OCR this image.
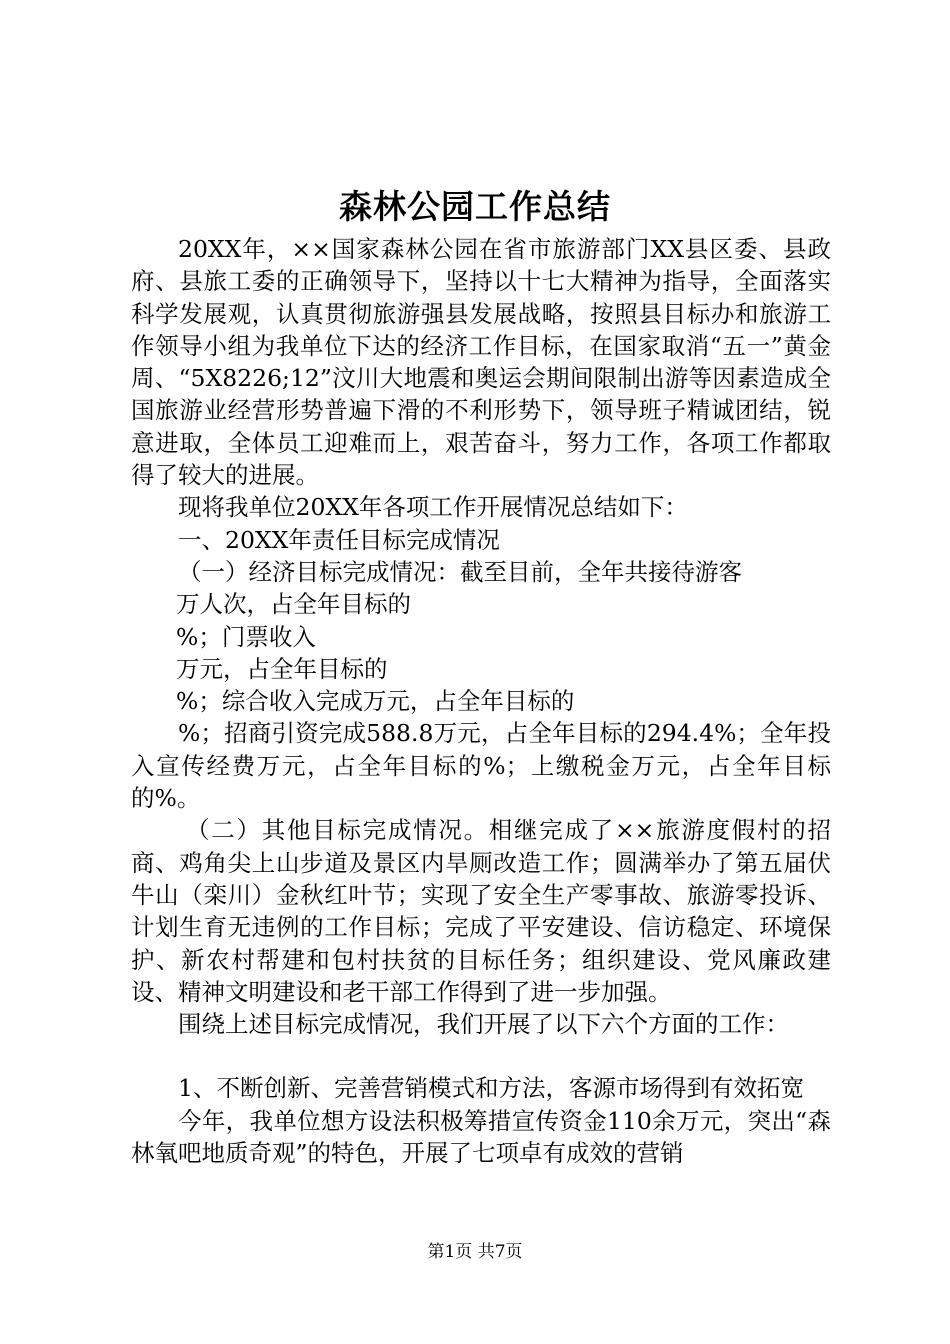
森林公园工作总结

20XX年，××国家森林公园在省市旅游部门XX县区委、县政府、县旅工委的正确领导下，坚持以十七大精神为指导，全面落实科学发展观，认真贯彻旅游强县发展战略，按照县目标办和旅游工作领导小组为我单位下达的经济工作目标，在国家取消“五一”黄金周、“5X8226;12”汶川大地震和奥运会期间限制出游等因素造成全国旅游业经营形势普遍下滑的不利形势下，领导班子精诚团结，锐意进取，全体员工迎难而上，艰苦奋斗，努力工作，各项工作都取得了较大的进展。

现将我单位20XX年各项工作开展情况总结如下：

一、20XX年责任目标完成情况

（一）经济目标完成情况：截至目前，全年共接待游客

万人次，占全年目标的

%；门票收入

万元，占全年目标的

%；综合收入完成万元，占全年目标的

%；招商引资完成588.8万元，占全年目标的294.4%；全年投入宣传经费万元，占全年目标的%；上缴税金万元，占全年目标的%。

（二）其他目标完成情况。相继完成了××旅游度假村的招商、鸡角尖上山步道及景区内旱厕改造工作；圆满举办了第五届伏牛山（栾川）金秋红叶节；实现了安全生产零事故、旅游零投诉、计划生育无违例的工作目标；完成了平安建设、信访稳定、环境保护、新农村帮建和包村扶贫的目标任务；组织建设、党风廉政建设、精神文明建设和老干部工作得到了进一步加强。

围绕上述目标完成情况，我们开展了以下六个方面的工作：

1、不断创新、完善营销模式和方法，客源市场得到有效拓宽

今年，我单位想方设法积极筹措宣传资金110余万元，突出“森林氧吧地质奇观”的特色，开展了七项卓有成效的营销

第1页 共7页
